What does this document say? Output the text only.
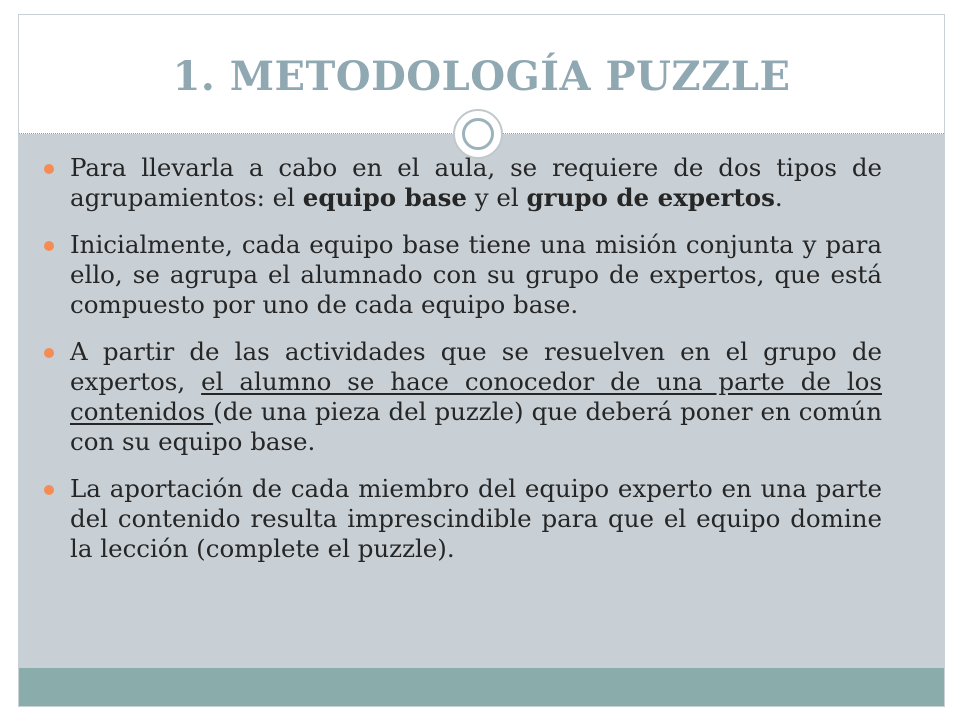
1. METODOLOGÍA PUZZLE
Para llevarla a cabo en el aula, se requiere de dos tipos de agrupamientos: el equipo base y el grupo de expertos.
Inicialmente, cada equipo base tiene una misión conjunta y para ello, se agrupa el alumnado con su grupo de expertos, que está compuesto por uno de cada equipo base.
A partir de las actividades que se resuelven en el grupo de expertos, el alumno se hace conocedor de una parte de los contenidos (de una pieza del puzzle) que deberá poner en común con su equipo base.
La aportación de cada miembro del equipo experto en una parte del contenido resulta imprescindible para que el equipo domine la lección (complete el puzzle).
